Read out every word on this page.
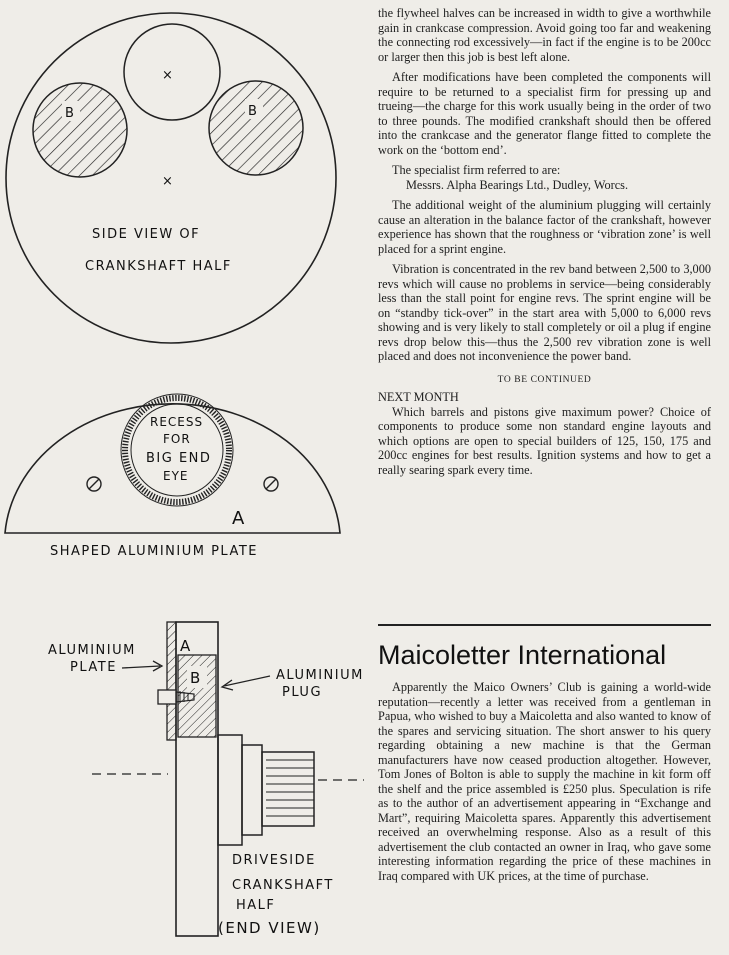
B	B
×
×
SIDE VIEW OF
CRANKSHAFT HALF
RECESS
FOR
BIG END
EYE
A
SHAPED ALUMINIUM PLATE
ALUMINIUM
PLATE
A
B	ALUMINIUM
PLUG
DRIVESIDE
CRANKSHAFT
HALF
(END VIEW)

the flywheel halves can be increased in width to give a worthwhile gain in crankcase compression. Avoid going too far and weakening the connecting rod excessively—in fact if the engine is to be 200cc or larger then this job is best left alone.

After modifications have been completed the components will require to be returned to a specialist firm for pressing up and trueing—the charge for this work usually being in the order of two to three pounds. The modified crankshaft should then be offered into the crankcase and the generator flange fitted to complete the work on the ‘bottom end’.

The specialist firm referred to are:

Messrs. Alpha Bearings Ltd., Dudley, Worcs.

The additional weight of the aluminium plugging will certainly cause an alteration in the balance factor of the crankshaft, however experience has shown that the roughness or ‘vibration zone’ is well placed for a sprint engine.

Vibration is concentrated in the rev band between 2,500 to 3,000 revs which will cause no problems in service—being considerably less than the stall point for engine revs. The sprint engine will be on “standby tick-over” in the start area with 5,000 to 6,000 revs showing and is very likely to stall completely or oil a plug if engine revs drop below this—thus the 2,500 rev vibration zone is well placed and does not inconvenience the power band.

TO BE CONTINUED

NEXT MONTH

Which barrels and pistons give maximum power? Choice of components to produce some non standard engine layouts and which options are open to special builders of 125, 150, 175 and 200cc engines for best results. Ignition systems and how to get a really searing spark every time.

Maicoletter International

Apparently the Maico Owners’ Club is gaining a world-wide reputation—recently a letter was received from a gentleman in Papua, who wished to buy a Maicoletta and also wanted to know of the spares and servicing situation. The short answer to his query regarding obtaining a new machine is that the German manufacturers have now ceased production altogether. However, Tom Jones of Bolton is able to supply the machine in kit form off the shelf and the price assembled is £250 plus. Speculation is rife as to the author of an advertisement appearing in “Exchange and Mart”, requiring Maicoletta spares. Apparently this advertisement received an overwhelming response. Also as a result of this advertisement the club contacted an owner in Iraq, who gave some interesting information regarding the price of these machines in Iraq compared with UK prices, at the time of purchase.
